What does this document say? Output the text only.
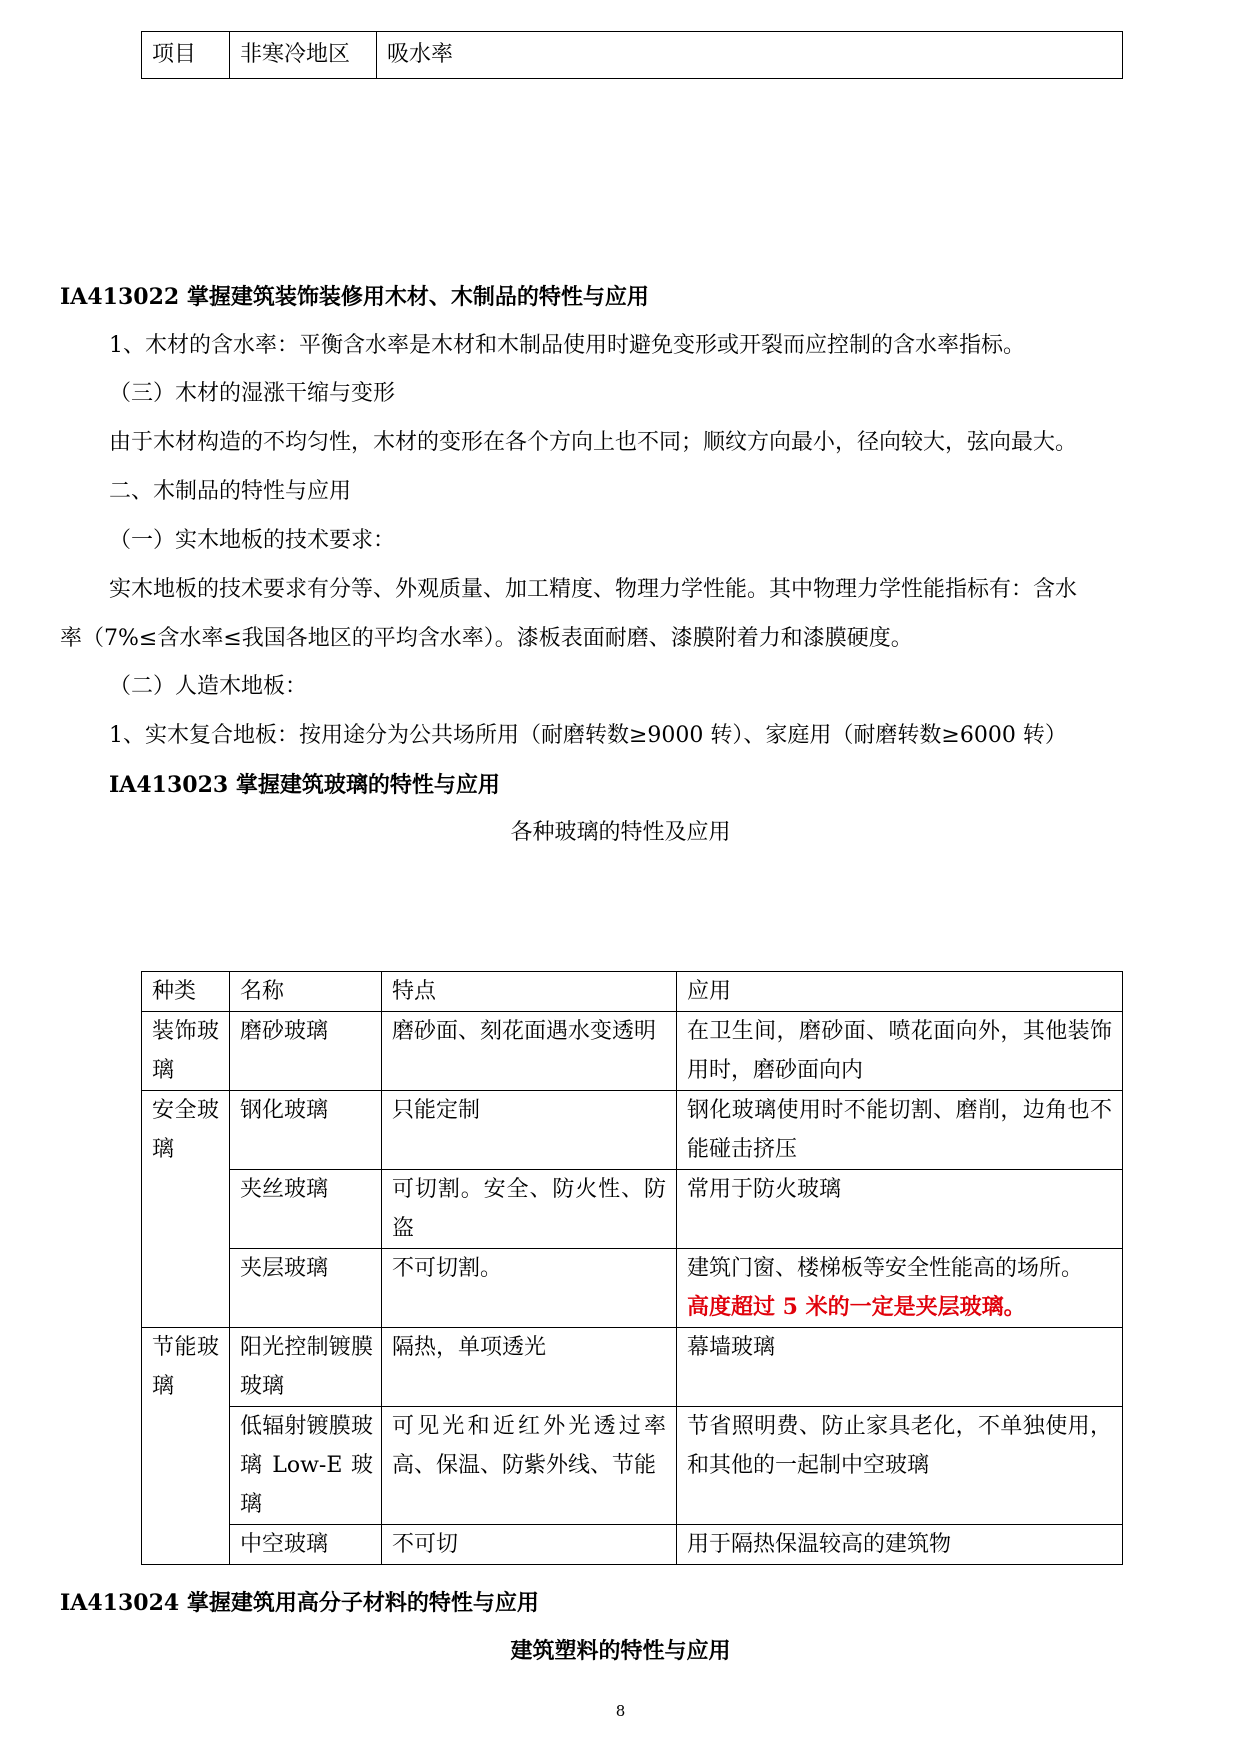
项目	非寒冷地区	吸水率
IA413022 掌握建筑装饰装修用木材、木制品的特性与应用
1、木材的含水率：平衡含水率是木材和木制品使用时避免变形或开裂而应控制的含水率指标。
（三）木材的湿涨干缩与变形
由于木材构造的不均匀性，木材的变形在各个方向上也不同；顺纹方向最小，径向较大，弦向最大。
二、木制品的特性与应用
（一）实木地板的技术要求：
实木地板的技术要求有分等、外观质量、加工精度、物理力学性能。其中物理力学性能指标有：含水
率（7%≤含水率≤我国各地区的平均含水率）。漆板表面耐磨、漆膜附着力和漆膜硬度。
（二）人造木地板：
1、实木复合地板：按用途分为公共场所用（耐磨转数≥9000 转）、家庭用（耐磨转数≥6000 转）
IA413023 掌握建筑玻璃的特性与应用
各种玻璃的特性及应用
种类	名称	特点	应用
装饰玻璃	磨砂玻璃	磨砂面、刻花面遇水变透明	在卫生间，磨砂面、喷花面向外，其他装饰用时，磨砂面向内
安全玻璃	钢化玻璃	只能定制	钢化玻璃使用时不能切割、磨削，边角也不能碰击挤压
	夹丝玻璃	可切割。安全、防火性、防盗	常用于防火玻璃
	夹层玻璃	不可切割。	建筑门窗、楼梯板等安全性能高的场所。
高度超过 5 米的一定是夹层玻璃。

节能玻璃	阳光控制镀膜玻璃	隔热，单项透光	幕墙玻璃
	低辐射镀膜玻璃 Low-E 玻璃	可见光和近红外光透过率高、保温、防紫外线、节能	节省照明费、防止家具老化，不单独使用，和其他的一起制中空玻璃
	中空玻璃	不可切	用于隔热保温较高的建筑物
IA413024 掌握建筑用高分子材料的特性与应用
建筑塑料的特性与应用
8
